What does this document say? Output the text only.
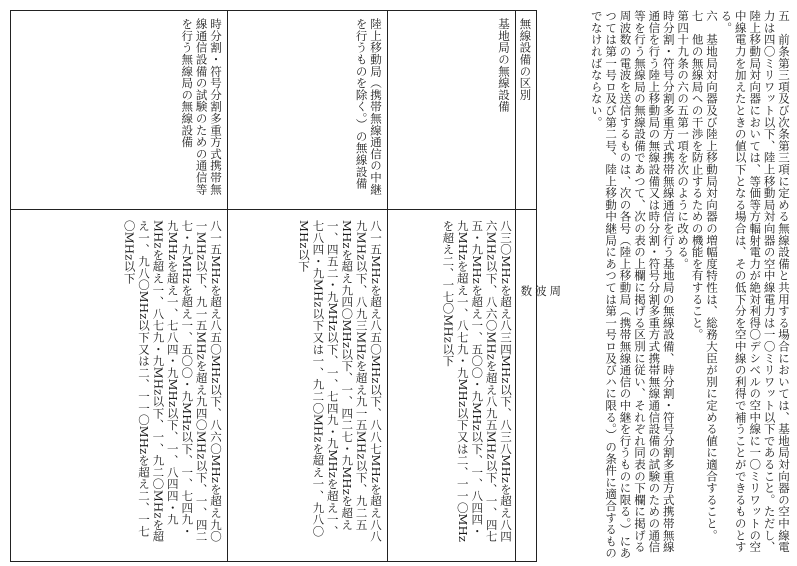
五　前条第三項及び次条第三項に定める無線設備と共用する場合においては、基地局対向器の空中線電力は四〇ミリワット以下、陸上移動局対向器の空中線電力は一〇ミリワット以下であること。ただし、陸上移動局対向器においては、等価等方輻射電力が絶対利得〇デシベルの空中線に一〇ミリワットの空中線電力を加えたときの値以下となる場合は、その低下分を空中線の利得で補うことができるものとする。
六　基地局対向器及び陸上移動局対向器の増幅度特性は、総務大臣が別に定める値に適合すること。
七　他の無線局への干渉を防止するための機能を有すること。
第四十九条の六の五第一項を次のように改める。
時分割・符号分割多重方式携帯無線通信を行う基地局の無線設備、時分割・符号分割多重方式携帯無線通信を行う陸上移動局の無線設備又は時分割・符号分割多重方式携帯無線通信設備の試験のための通信等を行う無線局の無線設備であつて、次の表の上欄に掲げる区別に従い、それぞれ同表の下欄に掲げる周波数の電波を送信するものは、次の各号（陸上移動局（携帯無線通信の中継を行うものに限る。）にあつては第一号ロ及び第二号、陸上移動中継局にあつては第一号ロ及びハに限る。）の条件に適合するものでなければならない。
無線設備の区別
周
波
数
基地局の無線設備
八三〇MHzを超え八三四MHz以下、八三八MHzを超え八四六MHz以下、八六〇MHzを超え八九五MHz以下、一、四七五・九MHzを超え一、五〇〇・九MHz以下、一、八四四・九MHzを超え一、八七九・九MHz以下又は二、一一〇MHzを超え二、一七〇MHz以下
陸上移動局（携帯無線通信の中継を行うものを除く。）の無線設備
八一五MHzを超え八五〇MHz以下、八八七MHzを超え八八九MHz以下、八九三MHzを超え九一五MHz以下、九二五MHzを超え九四〇MHz以下、一、四二七・九MHzを超え一、四五二・九MHz以下、一、七四九・九MHzを超え一、七八四・九MHz以下又は一、九二〇MHzを超え一、九八〇MHz以下
時分割・符号分割多重方式携帯無線通信設備の試験のための通信等を行う無線局の無線設備
八一五MHzを超え八五〇MHz以下、八六〇MHzを超え九〇一MHz以下、九一五MHzを超え九四〇MHz以下、一、四二七・九MHzを超え一、五〇〇・九MHz以下、一、七四九・九MHzを超え一、七八四・九MHz以下、一、八四四・九MHzを超え一、八七九・九MHz以下、一、九二〇MHzを超え一、九八〇MHz以下又は二、一一〇MHzを超え二、一七〇MHz以下
